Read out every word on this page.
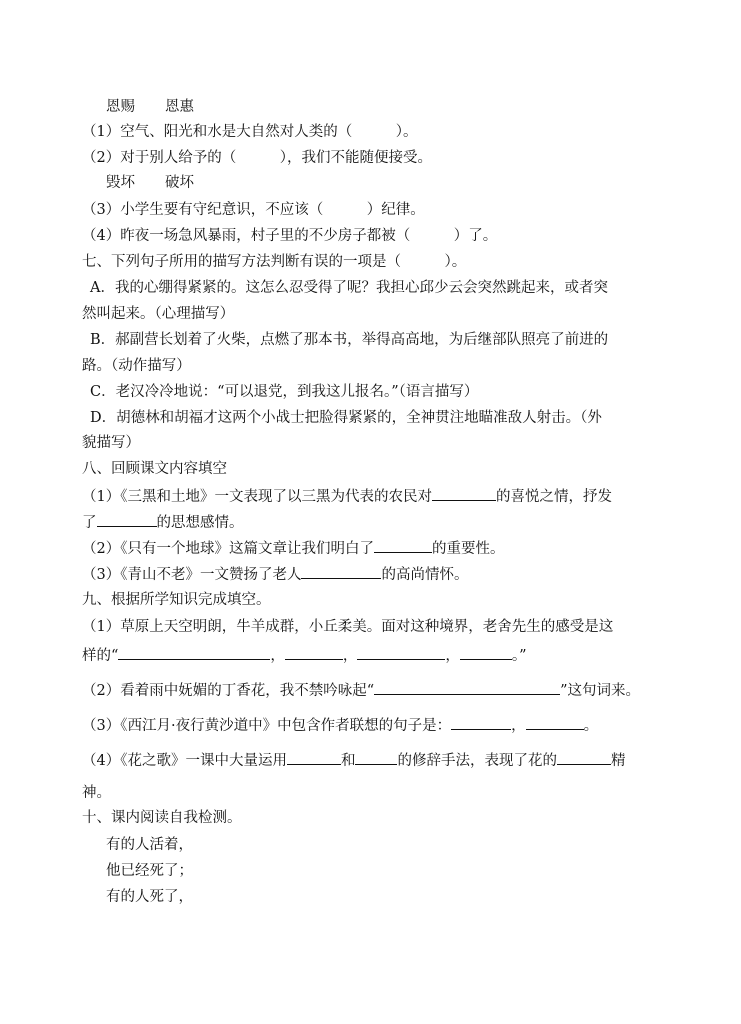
恩赐 恩惠
（1）空气、阳光和水是大自然对人类的（　　　）。
（2）对于别人给予的（　　　），我们不能随便接受。
毁坏 破坏
（3）小学生要有守纪意识，不应该（　　　）纪律。
（4）昨夜一场急风暴雨，村子里的不少房子都被（　　　）了。
七、下列句子所用的描写方法判断有误的一项是（　　　）。
A．我的心绷得紧紧的。这怎么忍受得了呢？我担心邱少云会突然跳起来，或者突
然叫起来。（心理描写）
B．郝副营长划着了火柴，点燃了那本书，举得高高地，为后继部队照亮了前进的
路。（动作描写）
C．老汉冷冷地说：“可以退党，到我这儿报名。”（语言描写）
D．胡德林和胡福才这两个小战士把脸得紧紧的，全神贯注地瞄准敌人射击。（外
貌描写）
八、回顾课文内容填空
（1）《三黑和土地》一文表现了以三黑为代表的农民对	的喜悦之情，抒发
了	的思想感情。
（2）《只有一个地球》这篇文章让我们明白了	的重要性。
（3）《青山不老》一文赞扬了老人	的高尚情怀。
九、根据所学知识完成填空。
（1）草原上天空明朗，牛羊成群，小丘柔美。面对这种境界，老舍先生的感受是这
样的“	，	，	，	。”
（2）看着雨中妩媚的丁香花，我不禁吟咏起“	”这句词来。
（3）《西江月·夜行黄沙道中》中包含作者联想的句子是：	，	。
（4）《花之歌》一课中大量运用	和	的修辞手法，表现了花的	精
神。
十、课内阅读自我检测。
有的人活着，
他已经死了；
有的人死了，
